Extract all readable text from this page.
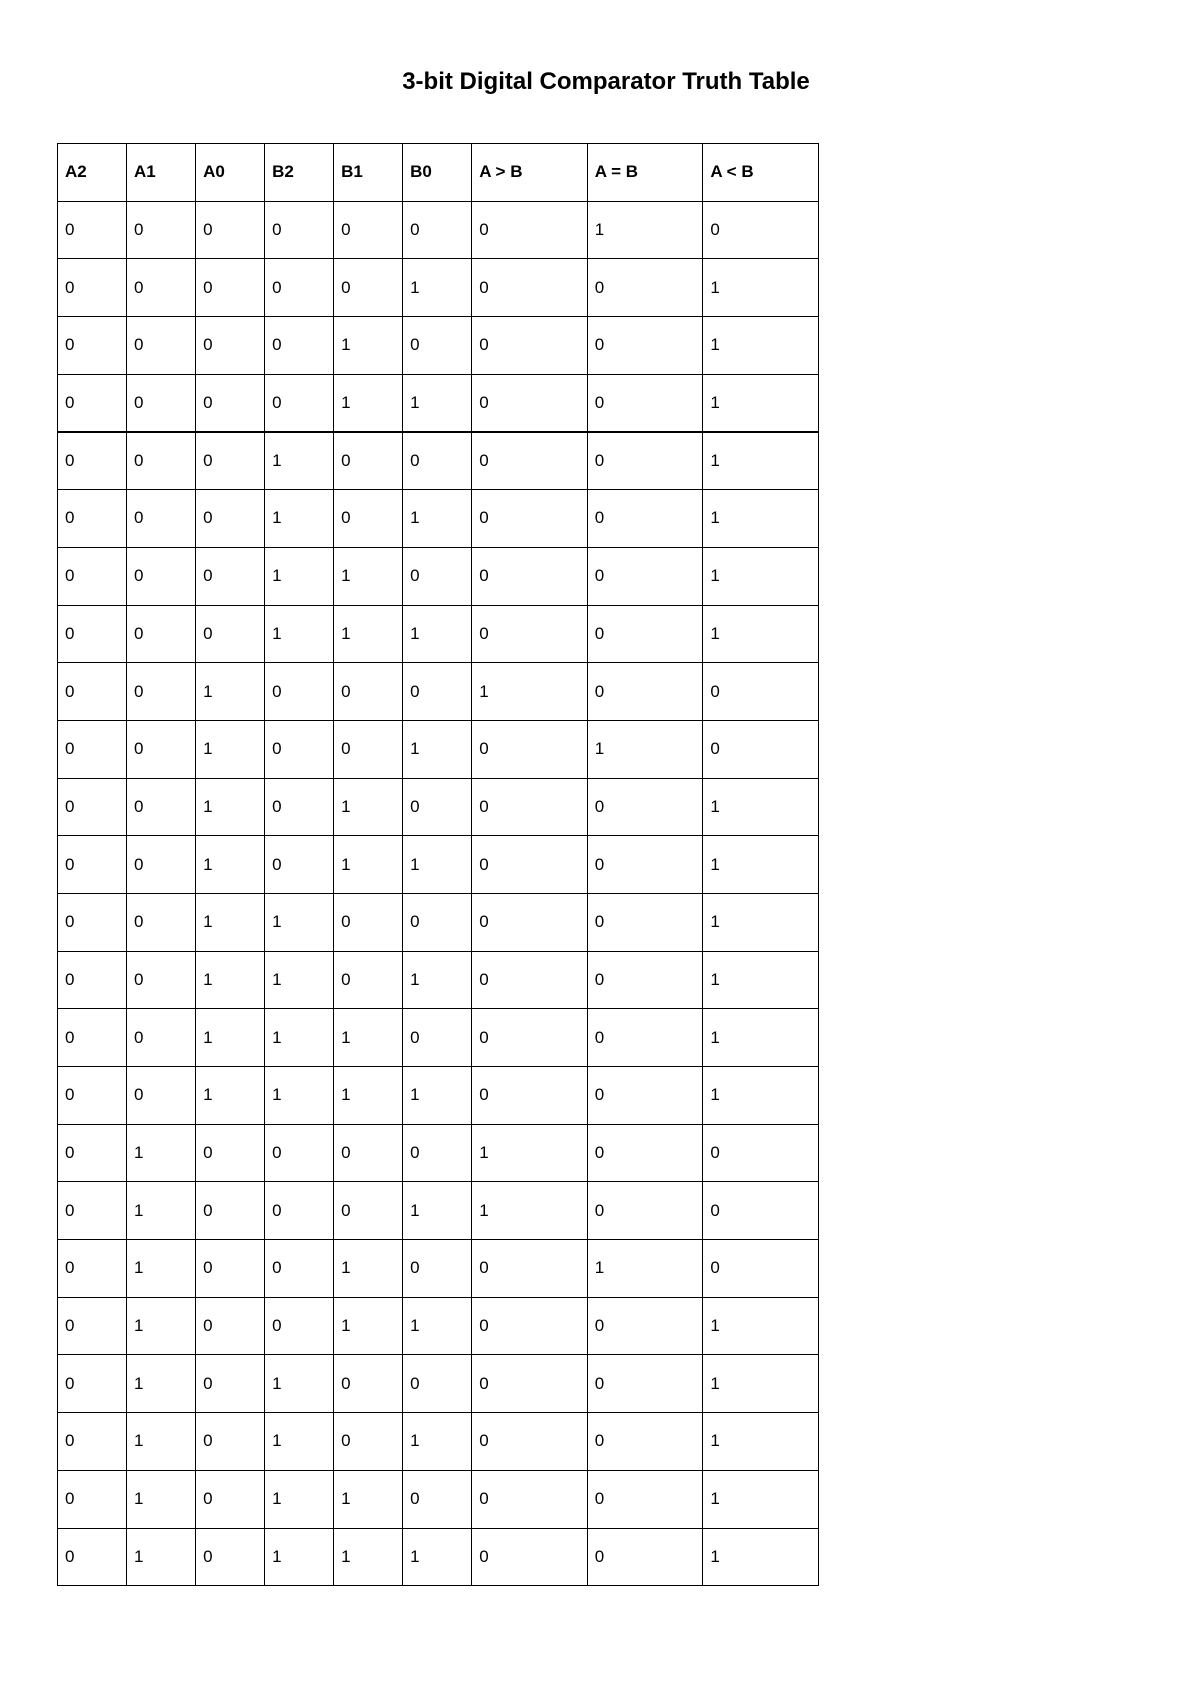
3-bit Digital Comparator Truth Table
A2	A1	A0	B2	B1	B0	A > B	A = B	A < B
0	0	0	0	0	0	0	1	0
0	0	0	0	0	1	0	0	1
0	0	0	0	1	0	0	0	1
0	0	0	0	1	1	0	0	1
0	0	0	1	0	0	0	0	1
0	0	0	1	0	1	0	0	1
0	0	0	1	1	0	0	0	1
0	0	0	1	1	1	0	0	1
0	0	1	0	0	0	1	0	0
0	0	1	0	0	1	0	1	0
0	0	1	0	1	0	0	0	1
0	0	1	0	1	1	0	0	1
0	0	1	1	0	0	0	0	1
0	0	1	1	0	1	0	0	1
0	0	1	1	1	0	0	0	1
0	0	1	1	1	1	0	0	1
0	1	0	0	0	0	1	0	0
0	1	0	0	0	1	1	0	0
0	1	0	0	1	0	0	1	0
0	1	0	0	1	1	0	0	1
0	1	0	1	0	0	0	0	1
0	1	0	1	0	1	0	0	1
0	1	0	1	1	0	0	0	1
0	1	0	1	1	1	0	0	1
